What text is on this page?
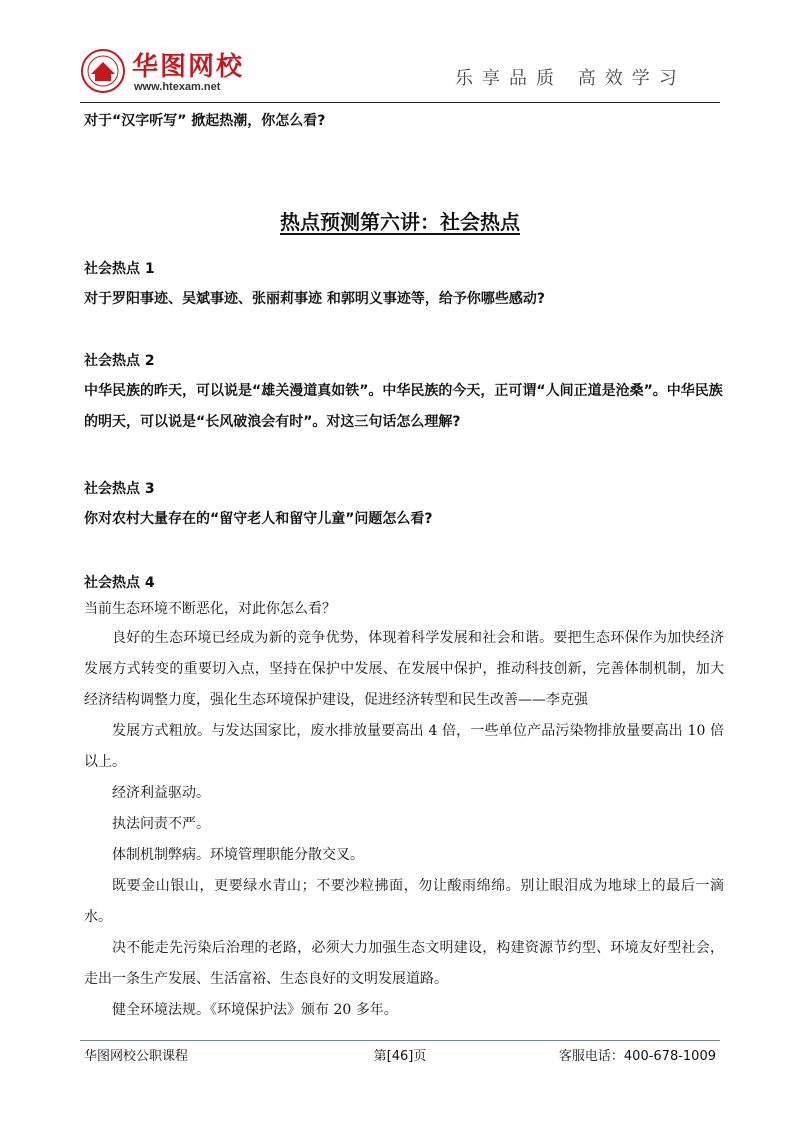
华图网校
www.htexam.net	乐享品质 高效学习
对于“汉字听写” 掀起热潮，你怎么看?
热点预测第六讲：社会热点

社会热点 1

对于罗阳事迹、吴斌事迹、张丽莉事迹 和郭明义事迹等，给予你哪些感动?

社会热点 2

中华民族的昨天，可以说是“雄关漫道真如铁”。中华民族的今天，正可谓“人间正道是沧桑”。中华民族的明天，可以说是“长风破浪会有时”。对这三句话怎么理解?

社会热点 3

你对农村大量存在的“留守老人和留守儿童”问题怎么看?

社会热点 4

当前生态环境不断恶化，对此你怎么看？

良好的生态环境已经成为新的竞争优势，体现着科学发展和社会和谐。要把生态环保作为加快经济发展方式转变的重要切入点，坚持在保护中发展、在发展中保护，推动科技创新，完善体制机制，加大经济结构调整力度，强化生态环境保护建设，促进经济转型和民生改善——李克强

发展方式粗放。与发达国家比，废水排放量要高出 4 倍，一些单位产品污染物排放量要高出 10 倍以上。

经济利益驱动。

执法问责不严。

体制机制弊病。环境管理职能分散交叉。

既要金山银山，更要绿水青山；不要沙粒拂面，勿让酸雨绵绵。别让眼泪成为地球上的最后一滴水。

决不能走先污染后治理的老路，必须大力加强生态文明建设，构建资源节约型、环境友好型社会，走出一条生产发展、生活富裕、生态良好的文明发展道路。

健全环境法规。《环境保护法》颁布 20 多年。

华图网校公职课程	第[46]页	客服电话：400-678-1009
